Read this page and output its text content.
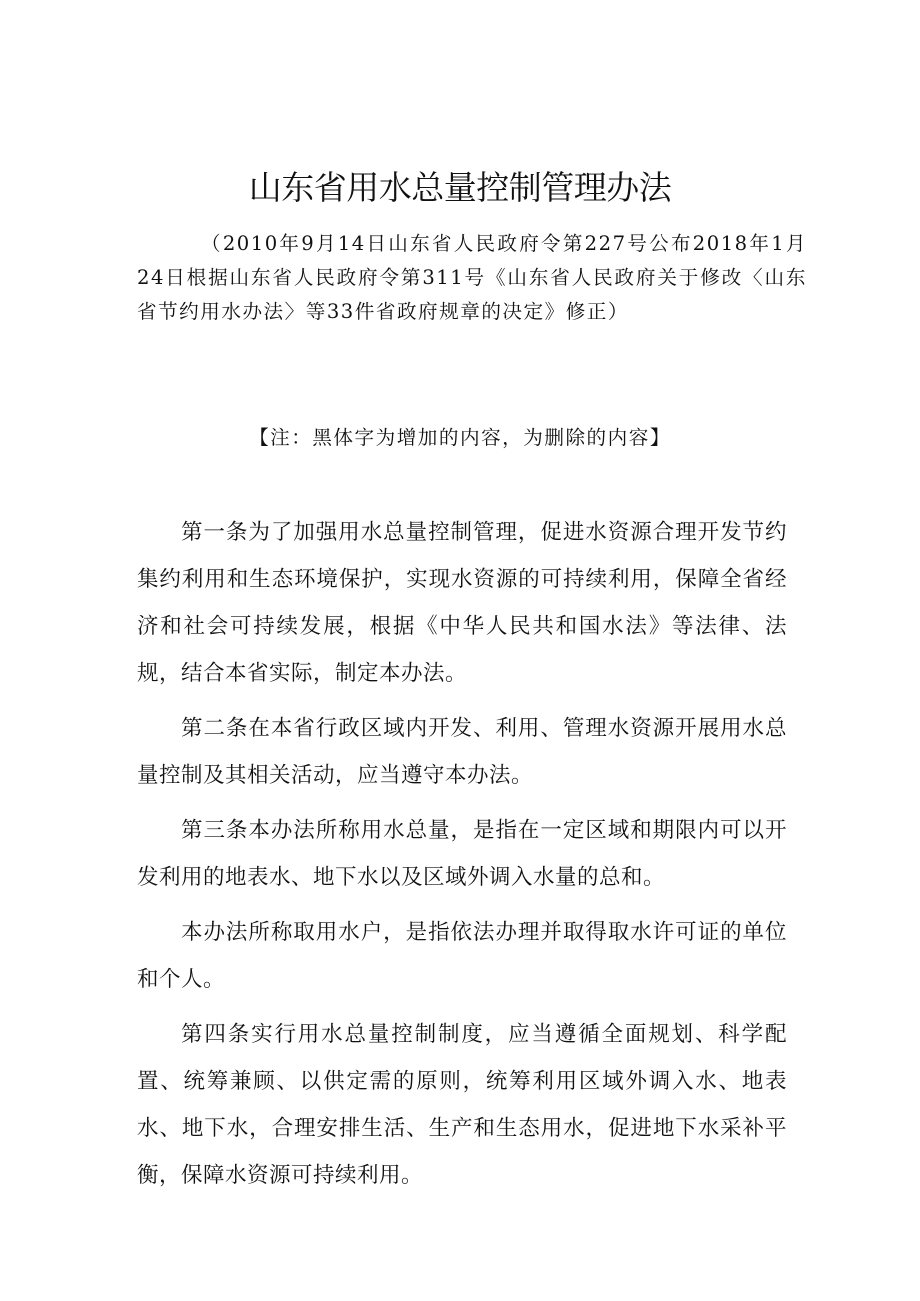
山东省用水总量控制管理办法

（2010年9月14日山东省人民政府令第227号公布2018年1月24日根据山东省人民政府令第311号《山东省人民政府关于修改〈山东省节约用水办法〉等33件省政府规章的决定》修正）

【注：黑体字为增加的内容，为删除的内容】

第一条为了加强用水总量控制管理，促进水资源合理开发节约集约利用和生态环境保护，实现水资源的可持续利用，保障全省经济和社会可持续发展，根据《中华人民共和国水法》等法律、法规，结合本省实际，制定本办法。

第二条在本省行政区域内开发、利用、管理水资源开展用水总量控制及其相关活动，应当遵守本办法。

第三条本办法所称用水总量，是指在一定区域和期限内可以开发利用的地表水、地下水以及区域外调入水量的总和。

本办法所称取用水户，是指依法办理并取得取水许可证的单位和个人。

第四条实行用水总量控制制度，应当遵循全面规划、科学配置、统筹兼顾、以供定需的原则，统筹利用区域外调入水、地表水、地下水，合理安排生活、生产和生态用水，促进地下水采补平衡，保障水资源可持续利用。
